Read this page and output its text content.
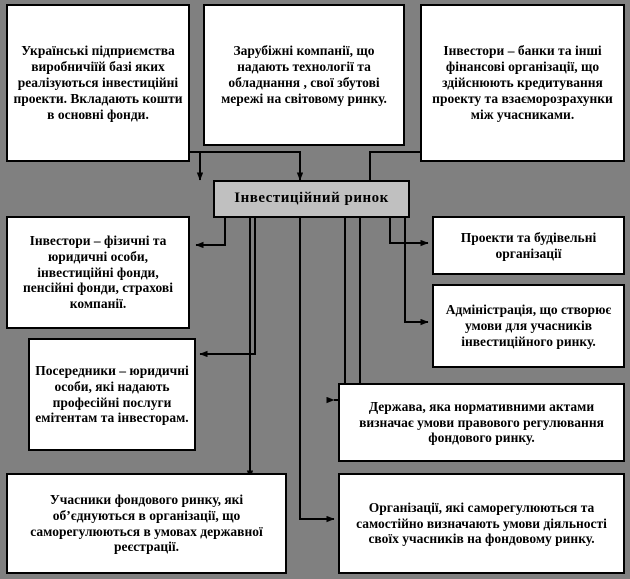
Українські підприємства виробничіїй базі яких реалізуються інвестиційні проекти. Вкладають кошти в основні фонди.
Зарубіжні компанії, що надають технології та обладнання , свої збутові мережі на світовому ринку.
Інвестори – банки та інші фінансові організації, що здійснюють кредитування проекту та взаєморозрахунки між учасниками.
Інвестиційний ринок
Інвестори – фізичні та юридичні особи, інвестиційні фонди, пенсійні фонди, страхові компанії.
Проекти та будівельні організації
Адміністрація, що створює умови для учасників інвестиційного ринку.
Посередники – юридичні особи, які надають професійні послуги емітентам та інвесторам.
Держава, яка нормативними актами визначає умови правового регулювання фондового ринку.
Учасники фондового ринку, які об’єднуються в організації, що саморегулюються в умовах державної реєстрації.
Організації, які саморегулюються та самостійно визначають умови діяльності своїх учасників на фондовому ринку.
